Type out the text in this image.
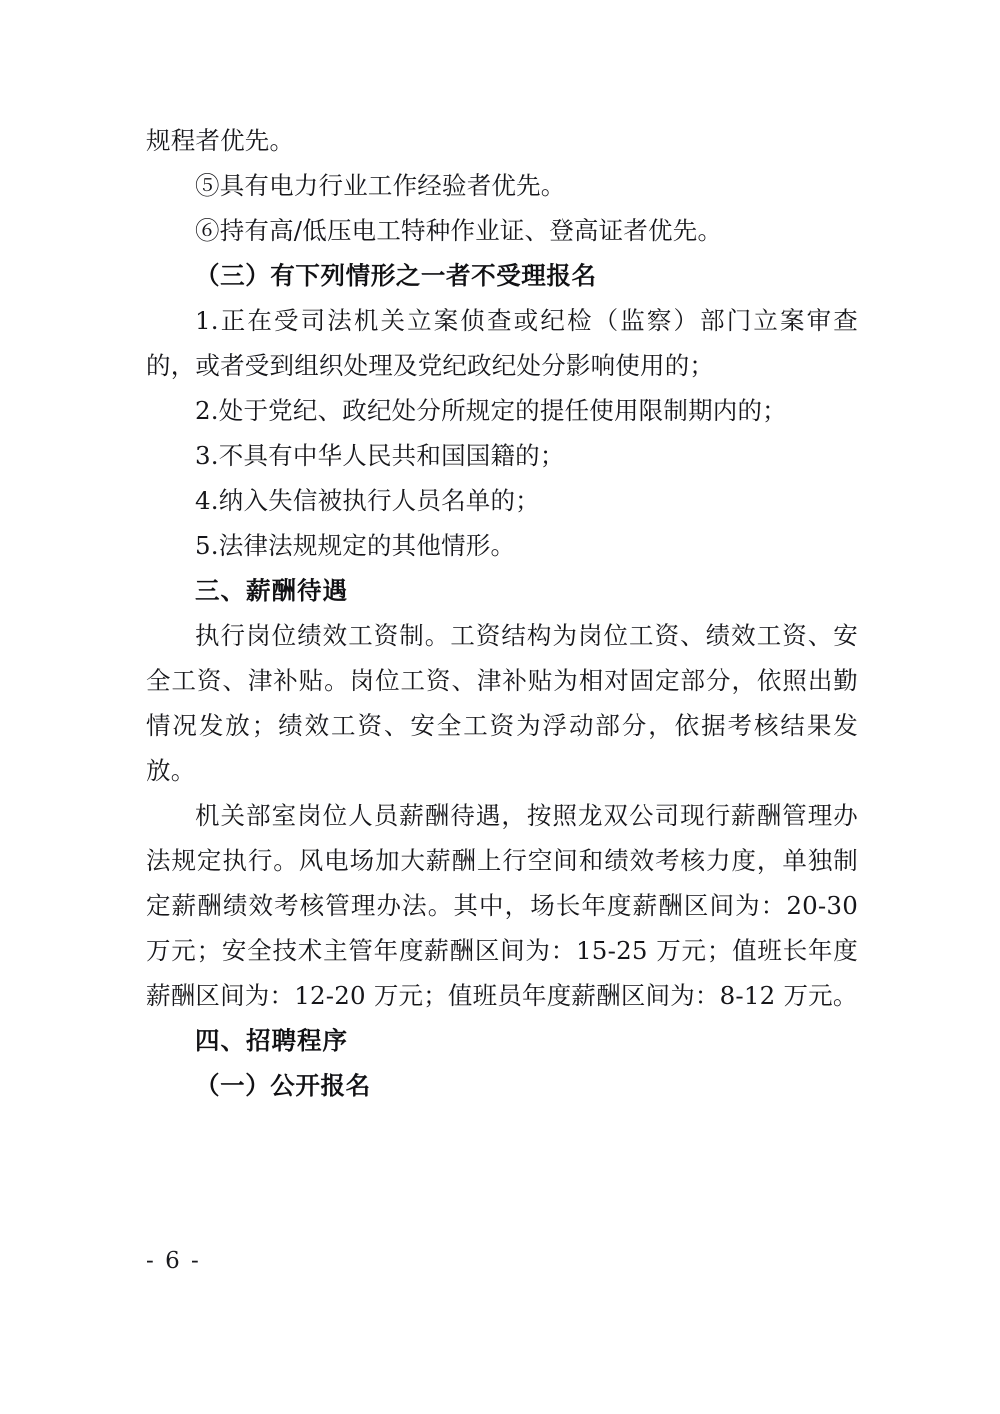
规程者优先。

⑤具有电力行业工作经验者优先。

⑥持有高/低压电工特种作业证、登高证者优先。

（三）有下列情形之一者不受理报名

1.正在受司法机关立案侦查或纪检（监察）部门立案审查的，或者受到组织处理及党纪政纪处分影响使用的；

2.处于党纪、政纪处分所规定的提任使用限制期内的；

3.不具有中华人民共和国国籍的；

4.纳入失信被执行人员名单的；

5.法律法规规定的其他情形。

三、薪酬待遇

执行岗位绩效工资制。工资结构为岗位工资、绩效工资、安全工资、津补贴。岗位工资、津补贴为相对固定部分，依照出勤情况发放；绩效工资、安全工资为浮动部分，依据考核结果发放。

机关部室岗位人员薪酬待遇，按照龙双公司现行薪酬管理办法规定执行。风电场加大薪酬上行空间和绩效考核力度，单独制定薪酬绩效考核管理办法。其中，场长年度薪酬区间为：20-30 万元；安全技术主管年度薪酬区间为：15-25 万元；值班长年度薪酬区间为：12-20 万元；值班员年度薪酬区间为：8-12 万元。

四、招聘程序

（一）公开报名

- 6 -
